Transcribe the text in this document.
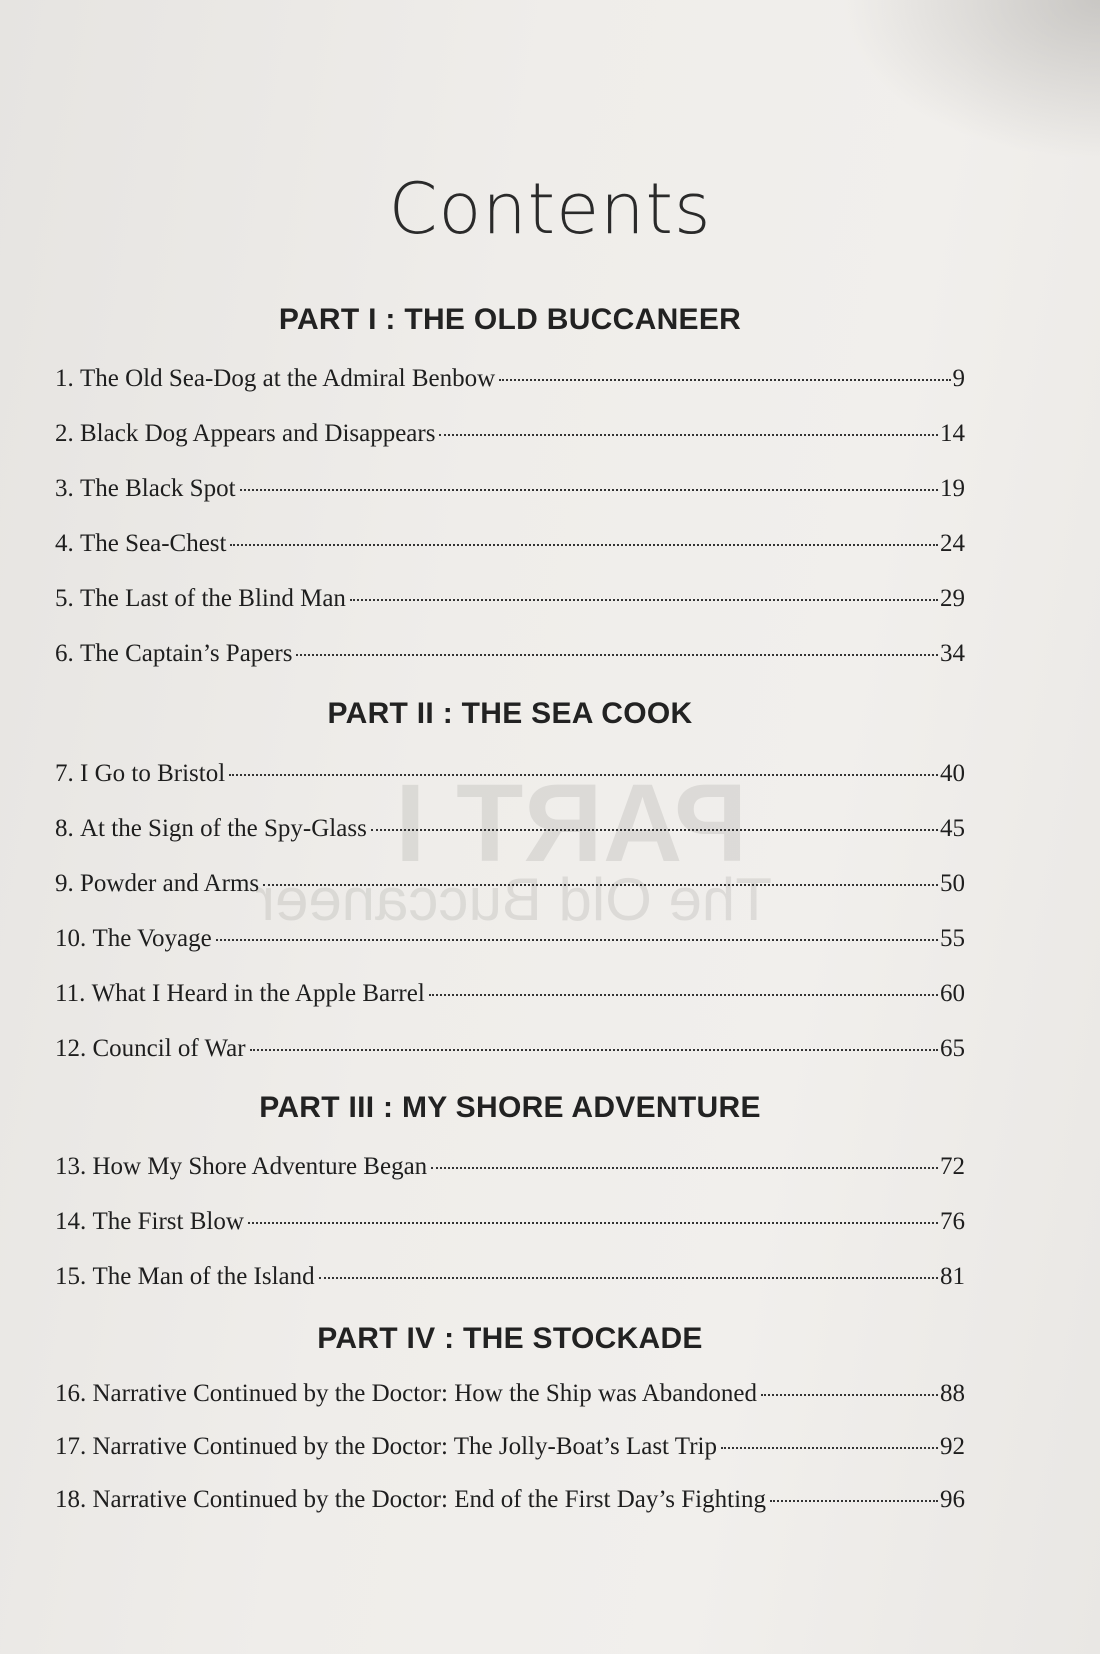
PART I
The Old Buccaneer
Contents
PART I : THE OLD BUCCANEER
PART II : THE SEA COOK
PART III : MY SHORE ADVENTURE
PART IV : THE STOCKADE
1.
The Old Sea-Dog at the Admiral Benbow	9
2.
Black Dog Appears and Disappears	14
3.
The Black Spot	19
4.
The Sea-Chest	24
5.
The Last of the Blind Man	29
6.
The Captain’s Papers	34
7.
I Go to Bristol	40
8.
At the Sign of the Spy-Glass	45
9.
Powder and Arms	50
10.
The Voyage	55
11.
What I Heard in the Apple Barrel	60
12.
Council of War	65
13.
How My Shore Adventure Began	72
14.
The First Blow	76
15.
The Man of the Island	81
16.
Narrative Continued by the Doctor: How the Ship was Abandoned	88
17.
Narrative Continued by the Doctor: The Jolly-Boat’s Last Trip	92
18.
Narrative Continued by the Doctor: End of the First Day’s Fighting	96
